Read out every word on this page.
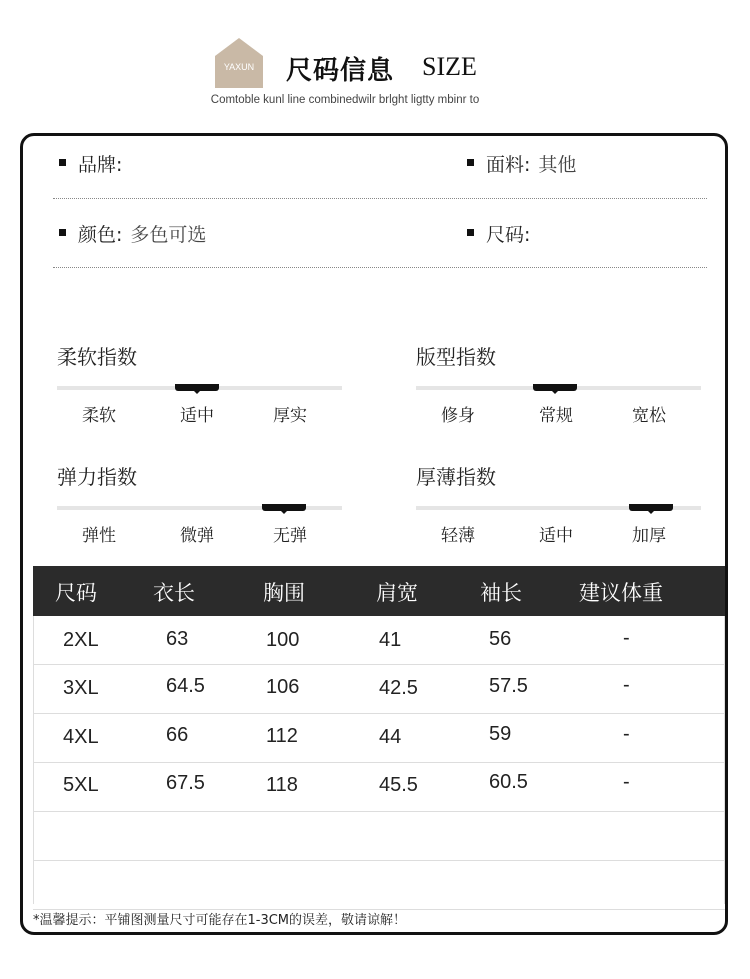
YAXUN	尺码信息 SIZE
Comtoble kunl line combinedwilr brlght ligtty mbinr to
品牌:	面料: 其他
颜色: 多色可选	尺码:
柔软指数
柔软	适中	厚实
版型指数
修身	常规	宽松
弹力指数
弹性	微弹	无弹
厚薄指数
轻薄	适中	加厚
尺码	衣长	胸围	肩宽	袖长	建议体重
2XL	63	100	41	56	-
3XL	64.5	106	42.5	57.5	-
4XL	66	112	44	59	-
5XL	67.5	118	45.5	60.5	-
*温馨提示：平铺图测量尺寸可能存在1-3CM的误差，敬请谅解！
